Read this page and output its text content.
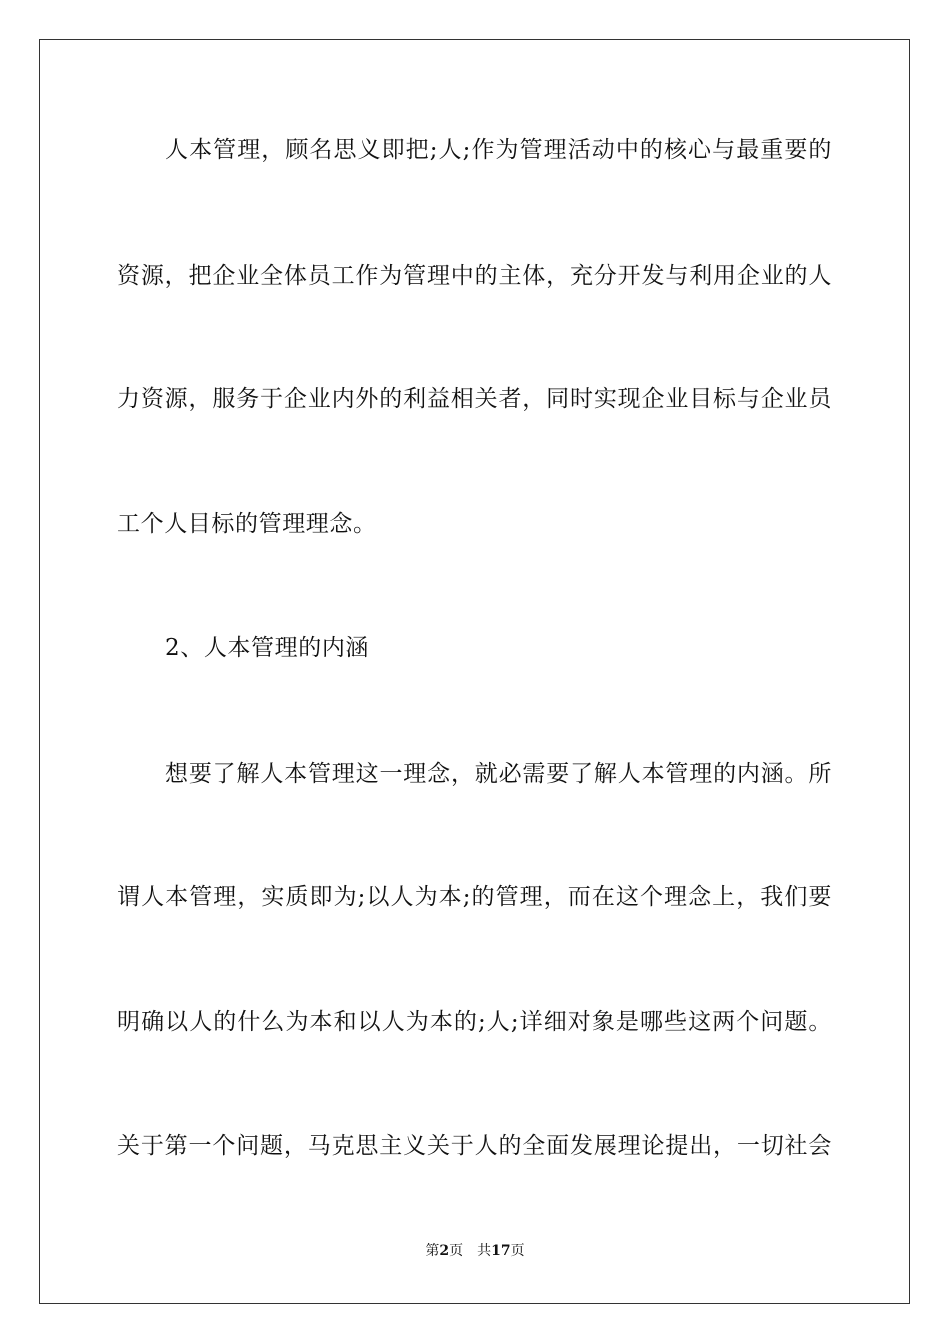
人本管理，顾名思义即把;人;作为管理活动中的核心与最重要的
资源，把企业全体员工作为管理中的主体，充分开发与利用企业的人
力资源，服务于企业内外的利益相关者，同时实现企业目标与企业员
工个人目标的管理理念。
2、人本管理的内涵
想要了解人本管理这一理念，就必需要了解人本管理的内涵。所
谓人本管理，实质即为;以人为本;的管理，而在这个理念上，我们要
明确以人的什么为本和以人为本的;人;详细对象是哪些这两个问题。
关于第一个问题，马克思主义关于人的全面发展理论提出，一切社会
第2页 共17页
